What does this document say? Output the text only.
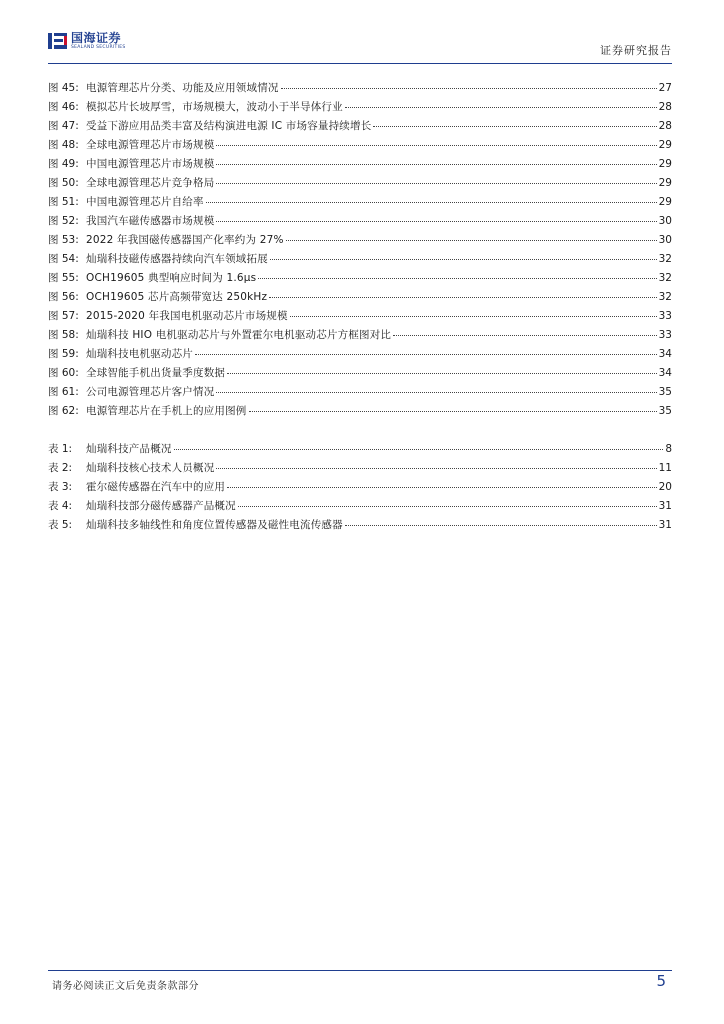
国海证券
SEALAND SECURITIES	证券研究报告
图 45: 电源管理芯片分类、功能及应用领域情况	27
图 46: 模拟芯片长坡厚雪，市场规模大，波动小于半导体行业	28
图 47: 受益下游应用品类丰富及结构演进电源 IC 市场容量持续增长	28
图 48: 全球电源管理芯片市场规模	29
图 49: 中国电源管理芯片市场规模	29
图 50: 全球电源管理芯片竞争格局	29
图 51: 中国电源管理芯片自给率	29
图 52: 我国汽车磁传感器市场规模	30
图 53: 2022 年我国磁传感器国产化率约为 27%	30
图 54: 灿瑞科技磁传感器持续向汽车领域拓展	32
图 55: OCH19605 典型响应时间为 1.6μs	32
图 56: OCH19605 芯片高频带宽达 250kHz	32
图 57: 2015-2020 年我国电机驱动芯片市场规模	33
图 58: 灿瑞科技 HIO 电机驱动芯片与外置霍尔电机驱动芯片方框图对比	33
图 59: 灿瑞科技电机驱动芯片	34
图 60: 全球智能手机出货量季度数据	34
图 61: 公司电源管理芯片客户情况	35
图 62: 电源管理芯片在手机上的应用图例	35
表 1:	灿瑞科技产品概况	8
表 2:	灿瑞科技核心技术人员概况	11
表 3:	霍尔磁传感器在汽车中的应用	20
表 4:	灿瑞科技部分磁传感器产品概况	31
表 5:	灿瑞科技多轴线性和角度位置传感器及磁性电流传感器	31
请务必阅读正文后免责条款部分	5
